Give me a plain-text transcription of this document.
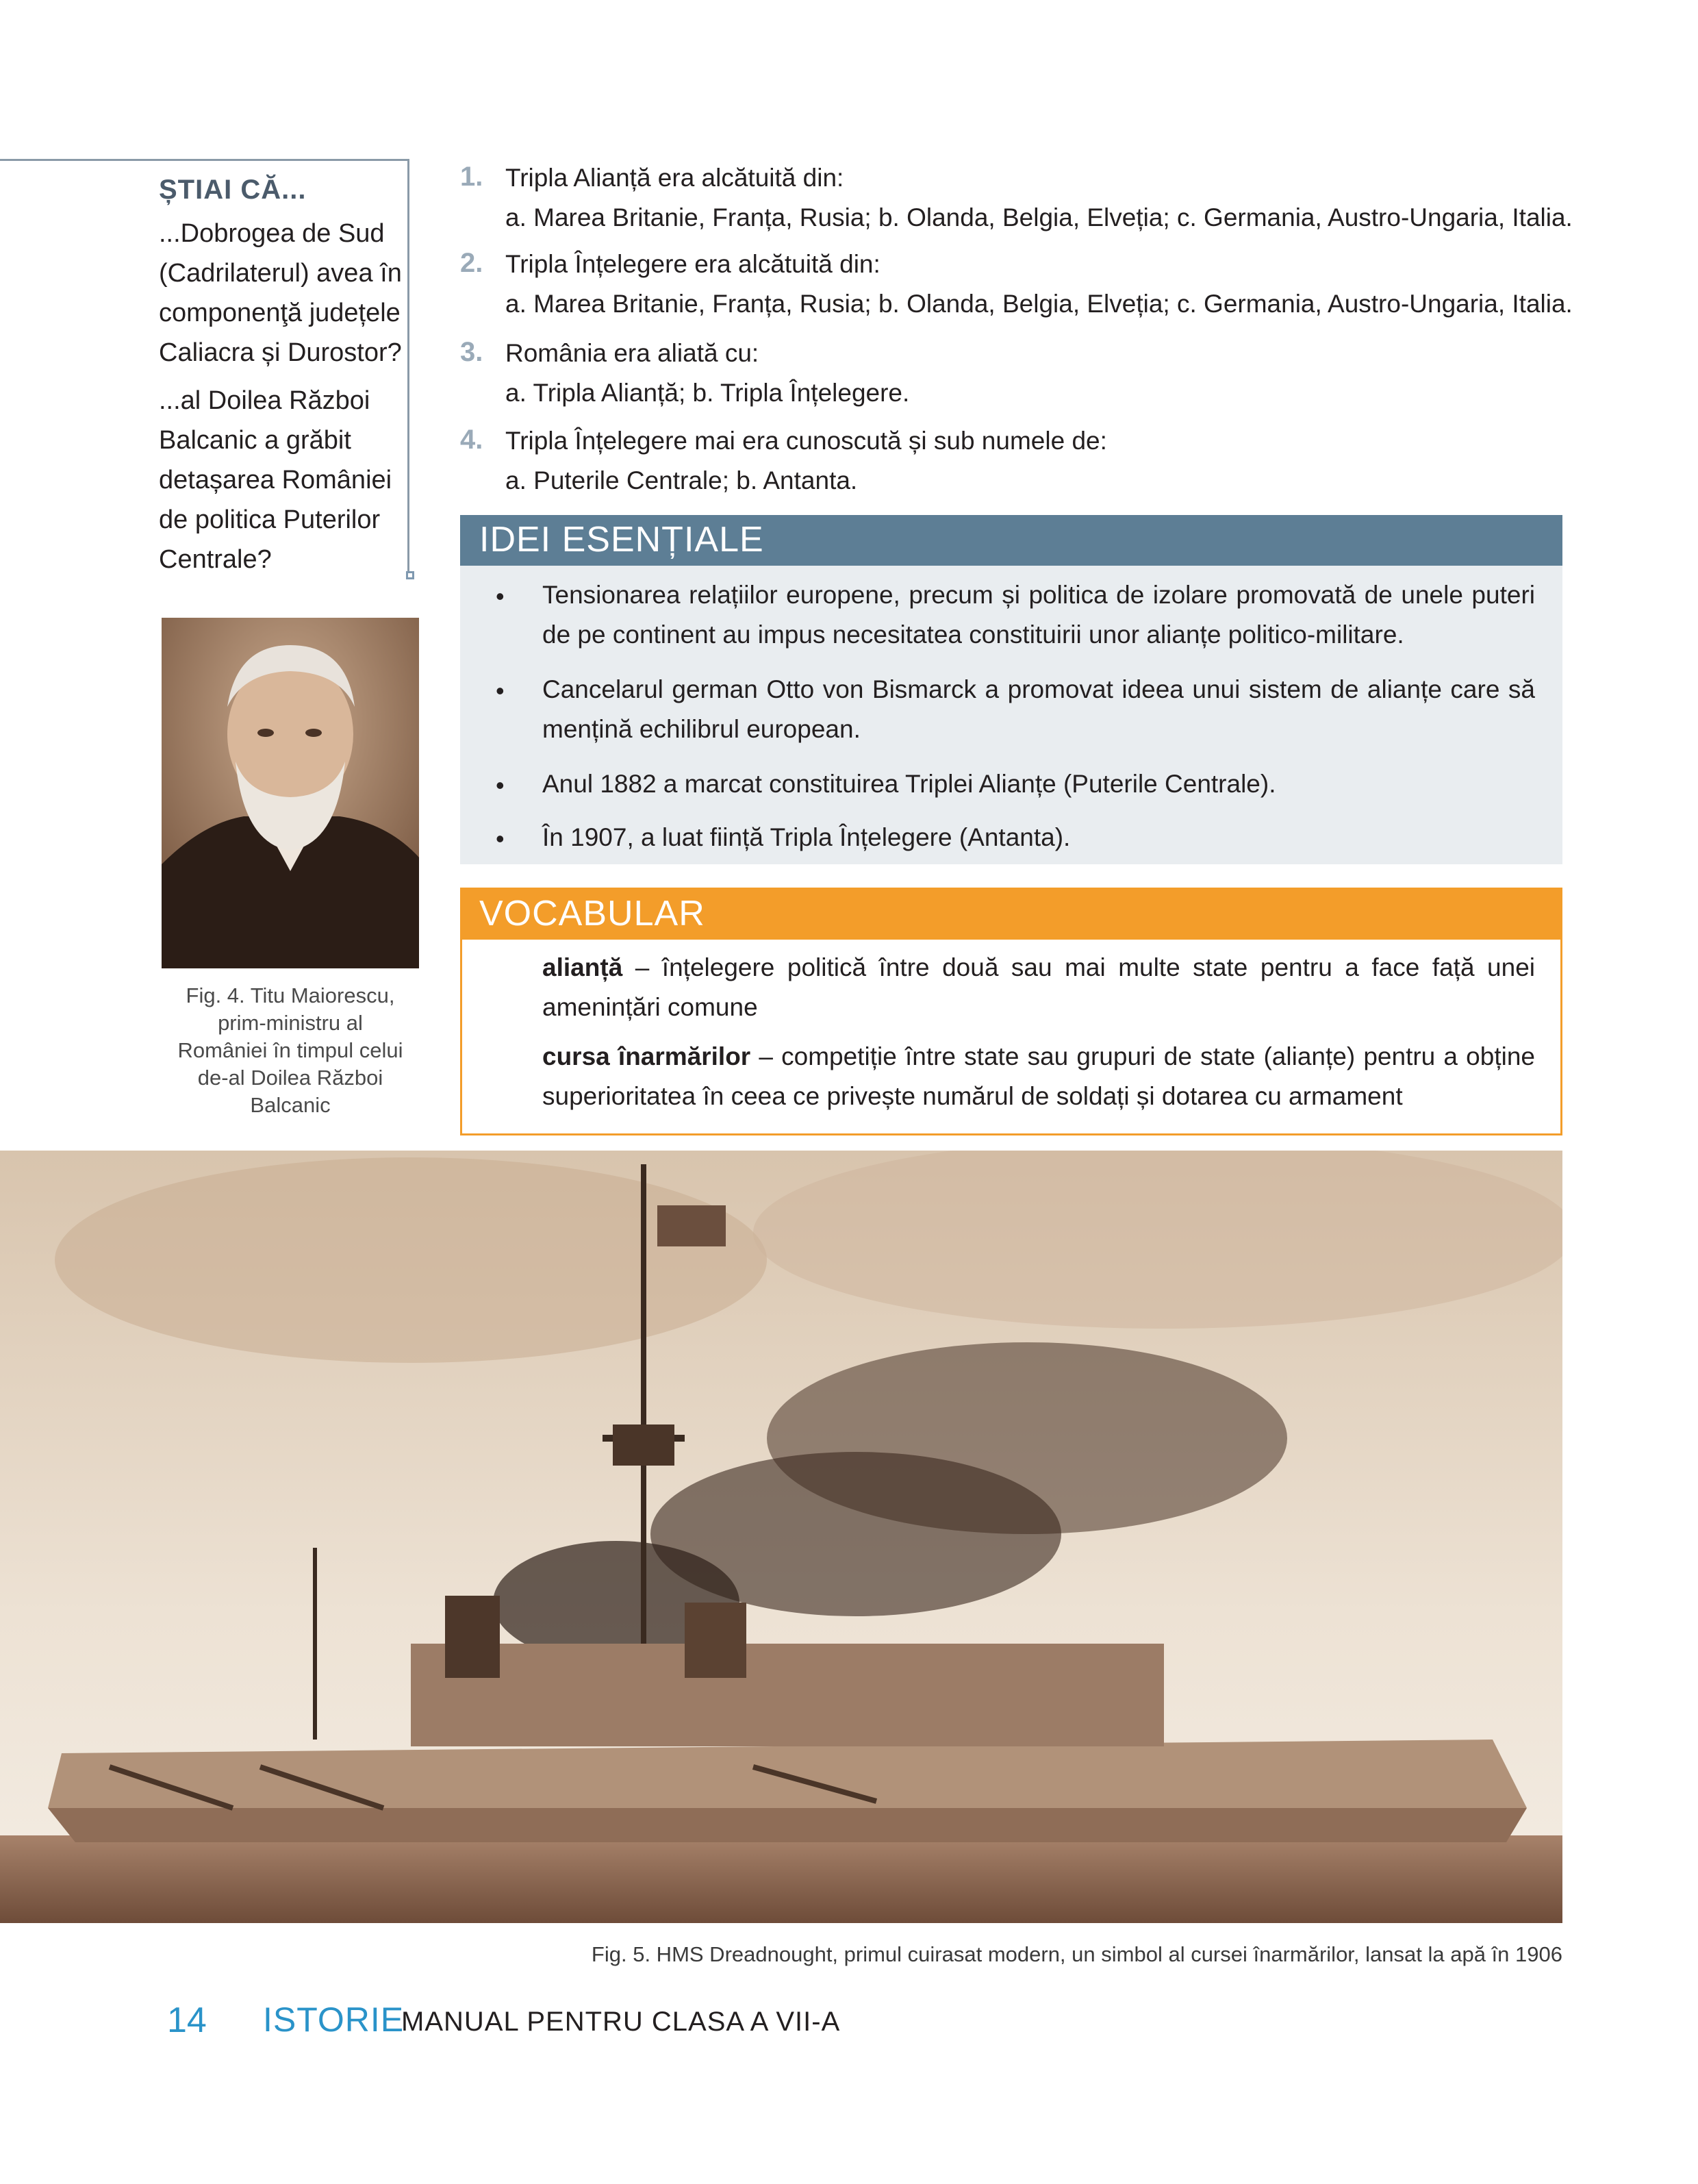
ȘTIAI CĂ...
...Dobrogea de Sud
(Cadrilaterul) avea în
componenţă județele
Caliacra și Durostor?
...al Doilea Război
Balcanic a grăbit
detașarea României
de politica Puterilor
Centrale?
Fig. 4. Titu Maiorescu,
prim-ministru al
României în timpul celui
de-al Doilea Război
Balcanic
1. Tripla Alianță era alcătuită din:
a. Marea Britanie, Franța, Rusia; b. Olanda, Belgia, Elveția; c. Germania, Austro-Ungaria, Italia.
2. Tripla Înțelegere era alcătuită din:
a. Marea Britanie, Franța, Rusia; b. Olanda, Belgia, Elveția; c. Germania, Austro-Ungaria, Italia.
3. România era aliată cu:
a. Tripla Alianță; b. Tripla Înțelegere.
4. Tripla Înțelegere mai era cunoscută și sub numele de:
a. Puterile Centrale; b. Antanta.
IDEI ESENȚIALE
• Tensionarea relațiilor europene, precum și politica de izolare promovată de unele puteri de pe continent au impus necesitatea constituirii unor alianțe politico-militare.
• Cancelarul german Otto von Bismarck a promovat ideea unui sistem de alianțe care să mențină echilibrul european.
• Anul 1882 a marcat constituirea Triplei Alianțe (Puterile Centrale).
• În 1907, a luat ființă Tripla Înțelegere (Antanta).
VOCABULAR
alianță – înțelegere politică între două sau mai multe state pentru a face față unei amenințări comune
cursa înarmărilor – competiție între state sau grupuri de state (alianțe) pentru a obține superioritatea în ceea ce privește numărul de soldați și dotarea cu armament
Fig. 5. HMS Dreadnought, primul cuirasat modern, un simbol al cursei înarmărilor, lansat la apă în 1906
14 ISTORIE
MANUAL PENTRU CLASA A VII-A
